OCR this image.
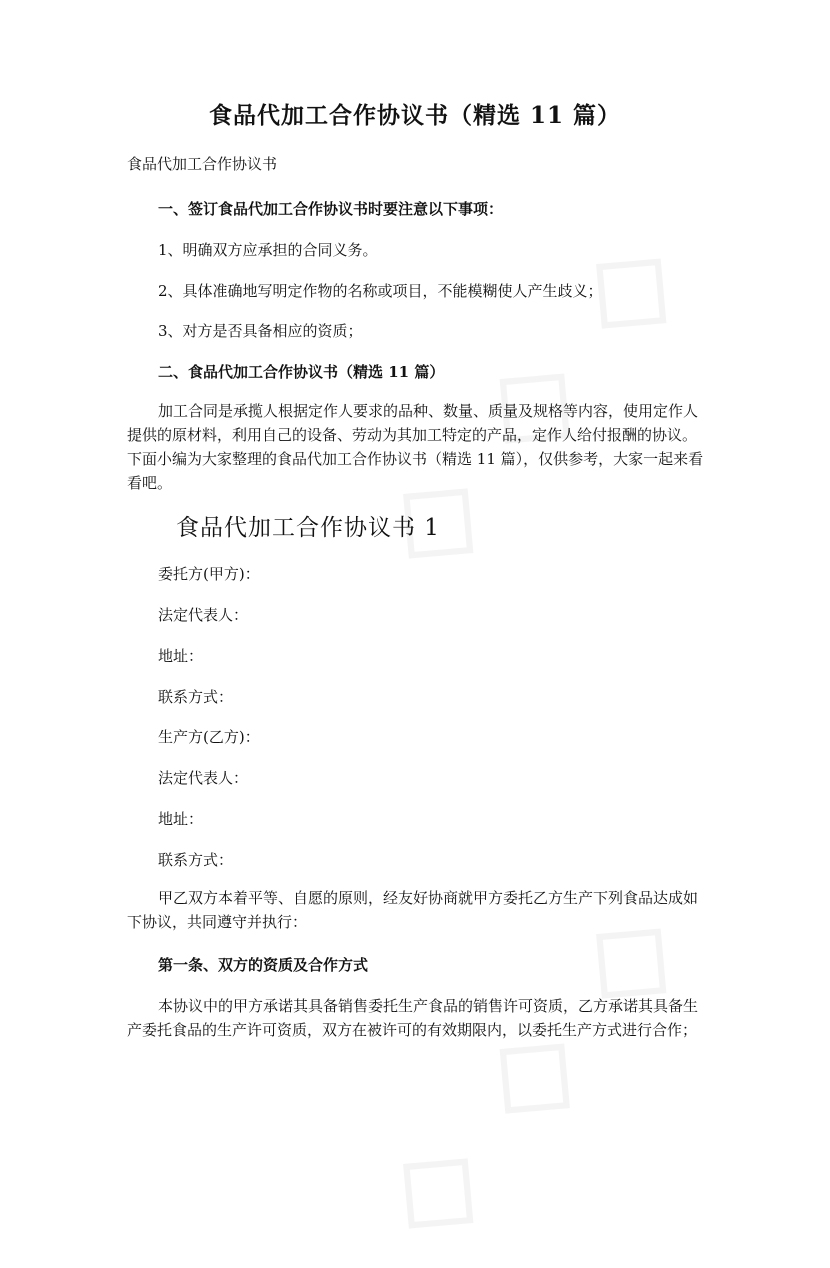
食品代加工合作协议书（精选 11 篇）
食品代加工合作协议书
一、签订食品代加工合作协议书时要注意以下事项：
1、明确双方应承担的合同义务。
2、具体准确地写明定作物的名称或项目，不能模糊使人产生歧义；
3、对方是否具备相应的资质；
二、食品代加工合作协议书（精选 11 篇）
加工合同是承揽人根据定作人要求的品种、数量、质量及规格等内容，使用定作人提供的原材料，利用自己的设备、劳动为其加工特定的产品，定作人给付报酬的协议。下面小编为大家整理的食品代加工合作协议书（精选 11 篇），仅供参考，大家一起来看看吧。
食品代加工合作协议书 1
委托方(甲方)：
法定代表人：
地址：
联系方式：
生产方(乙方)：
法定代表人：
地址：
联系方式：
甲乙双方本着平等、自愿的原则，经友好协商就甲方委托乙方生产下列食品达成如下协议，共同遵守并执行：
第一条、双方的资质及合作方式
本协议中的甲方承诺其具备销售委托生产食品的销售许可资质，乙方承诺其具备生产委托食品的生产许可资质，双方在被许可的有效期限内，以委托生产方式进行合作；
